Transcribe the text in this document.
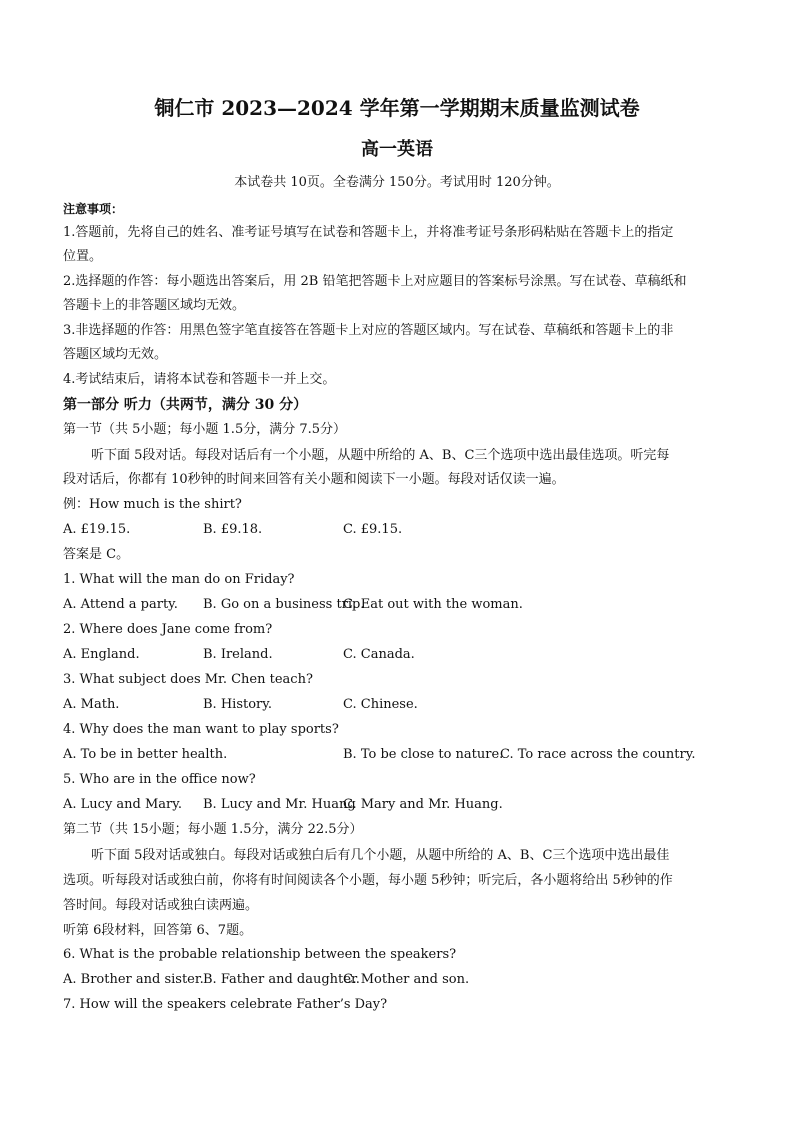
铜仁市 2023—2024 学年第一学期期末质量监测试卷
高一英语
本试卷共 10页。全卷满分 150分。考试用时 120分钟。
注意事项：
1.答题前，先将自己的姓名、准考证号填写在试卷和答题卡上，并将准考证号条形码粘贴在答题卡上的指定
位置。
2.选择题的作答：每小题选出答案后，用 2B 铅笔把答题卡上对应题目的答案标号涂黑。写在试卷、草稿纸和
答题卡上的非答题区域均无效。
3.非选择题的作答：用黑色签字笔直接答在答题卡上对应的答题区域内。写在试卷、草稿纸和答题卡上的非
答题区域均无效。
4.考试结束后，请将本试卷和答题卡一并上交。
第一部分 听力（共两节，满分 30 分）
第一节（共 5小题；每小题 1.5分，满分 7.5分）
听下面 5段对话。每段对话后有一个小题，从题中所给的 A、B、C三个选项中选出最佳选项。听完每
段对话后，你都有 10秒钟的时间来回答有关小题和阅读下一小题。每段对话仅读一遍。
例：How much is the shirt?
A. £19.15.	B. £9.18.	C. £9.15.
答案是 C。
1. What will the man do on Friday?
A. Attend a party. B. Go on a business trip.
C. Eat out with the woman.
2. Where does Jane come from?
A. England.	B. Ireland.	C. Canada.
3. What subject does Mr. Chen teach?
A. Math.	B. History.	C. Chinese.
4. Why does the man want to play sports?
A. To be in better health.	B. To be close to nature.
C. To race across the country.
5. Who are in the office now?
A. Lucy and Mary. B. Lucy and Mr. Huang
C. Mary and Mr. Huang.
第二节（共 15小题；每小题 1.5分，满分 22.5分）
听下面 5段对话或独白。每段对话或独白后有几个小题，从题中所给的 A、B、C三个选项中选出最佳
选项。听每段对话或独白前，你将有时间阅读各个小题，每小题 5秒钟；听完后，各小题将给出 5秒钟的作
答时间。每段对话或独白读两遍。
听第 6段材料，回答第 6、7题。
6. What is the probable relationship between the speakers?
A. Brother and sister. B. Father and daughter.
C. Mother and son.
7. How will the speakers celebrate Father’s Day?
